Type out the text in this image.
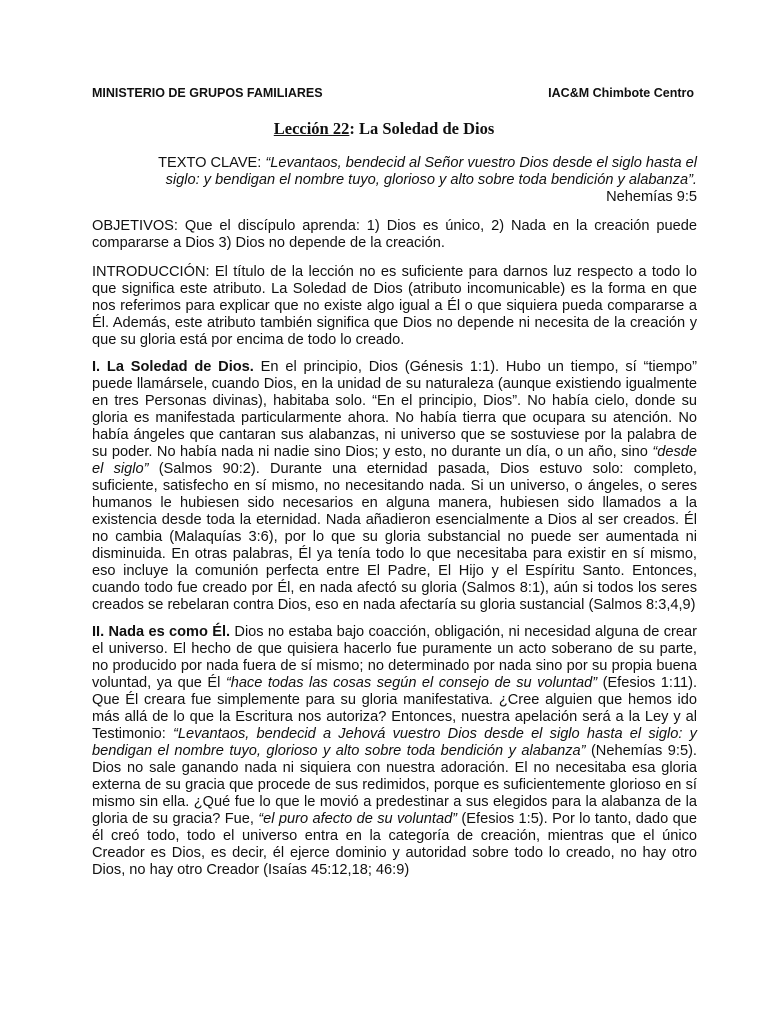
MINISTERIO DE GRUPOS FAMILIARES	IAC&M Chimbote Centro
Lección 22: La Soledad de Dios
TEXTO CLAVE: “Levantaos, bendecid al Señor vuestro Dios desde el siglo hasta el siglo: y bendigan el nombre tuyo, glorioso y alto sobre toda bendición y alabanza”.
Nehemías 9:5

OBJETIVOS: Que el discípulo aprenda: 1) Dios es único, 2) Nada en la creación puede compararse a Dios 3) Dios no depende de la creación.

INTRODUCCIÓN: El título de la lección no es suficiente para darnos luz respecto a todo lo que significa este atributo. La Soledad de Dios (atributo incomunicable) es la forma en que nos referimos para explicar que no existe algo igual a Él o que siquiera pueda compararse a Él. Además, este atributo también significa que Dios no depende ni necesita de la creación y que su gloria está por encima de todo lo creado.

I. La Soledad de Dios. En el principio, Dios (Génesis 1:1). Hubo un tiempo, sí “tiempo” puede llamársele, cuando Dios, en la unidad de su naturaleza (aunque existiendo igualmente en tres Personas divinas), habitaba solo. “En el principio, Dios”. No había cielo, donde su gloria es manifestada particularmente ahora. No había tierra que ocupara su atención. No había ángeles que cantaran sus alabanzas, ni universo que se sostuviese por la palabra de su poder. No había nada ni nadie sino Dios; y esto, no durante un día, o un año, sino “desde el siglo” (Salmos 90:2). Durante una eternidad pasada, Dios estuvo solo: completo, suficiente, satisfecho en sí mismo, no necesitando nada. Si un universo, o ángeles, o seres humanos le hubiesen sido necesarios en alguna manera, hubiesen sido llamados a la existencia desde toda la eternidad. Nada añadieron esencialmente a Dios al ser creados. Él no cambia (Malaquías 3:6), por lo que su gloria substancial no puede ser aumentada ni disminuida. En otras palabras, Él ya tenía todo lo que necesitaba para existir en sí mismo, eso incluye la comunión perfecta entre El Padre, El Hijo y el Espíritu Santo. Entonces, cuando todo fue creado por Él, en nada afectó su gloria (Salmos 8:1), aún si todos los seres creados se rebelaran contra Dios, eso en nada afectaría su gloria sustancial (Salmos 8:3,4,9)

II. Nada es como Él. Dios no estaba bajo coacción, obligación, ni necesidad alguna de crear el universo. El hecho de que quisiera hacerlo fue puramente un acto soberano de su parte, no producido por nada fuera de sí mismo; no determinado por nada sino por su propia buena voluntad, ya que Él “hace todas las cosas según el consejo de su voluntad” (Efesios 1:11). Que Él creara fue simplemente para su gloria manifestativa. ¿Cree alguien que hemos ido más allá de lo que la Escritura nos autoriza? Entonces, nuestra apelación será a la Ley y al Testimonio: “Levantaos, bendecid a Jehová vuestro Dios desde el siglo hasta el siglo: y bendigan el nombre tuyo, glorioso y alto sobre toda bendición y alabanza” (Nehemías 9:5). Dios no sale ganando nada ni siquiera con nuestra adoración. El no necesitaba esa gloria externa de su gracia que procede de sus redimidos, porque es suficientemente glorioso en sí mismo sin ella. ¿Qué fue lo que le movió a predestinar a sus elegidos para la alabanza de la gloria de su gracia? Fue, “el puro afecto de su voluntad” (Efesios 1:5). Por lo tanto, dado que él creó todo, todo el universo entra en la categoría de creación, mientras que el único Creador es Dios, es decir, él ejerce dominio y autoridad sobre todo lo creado, no hay otro Dios, no hay otro Creador (Isaías 45:12,18; 46:9)
